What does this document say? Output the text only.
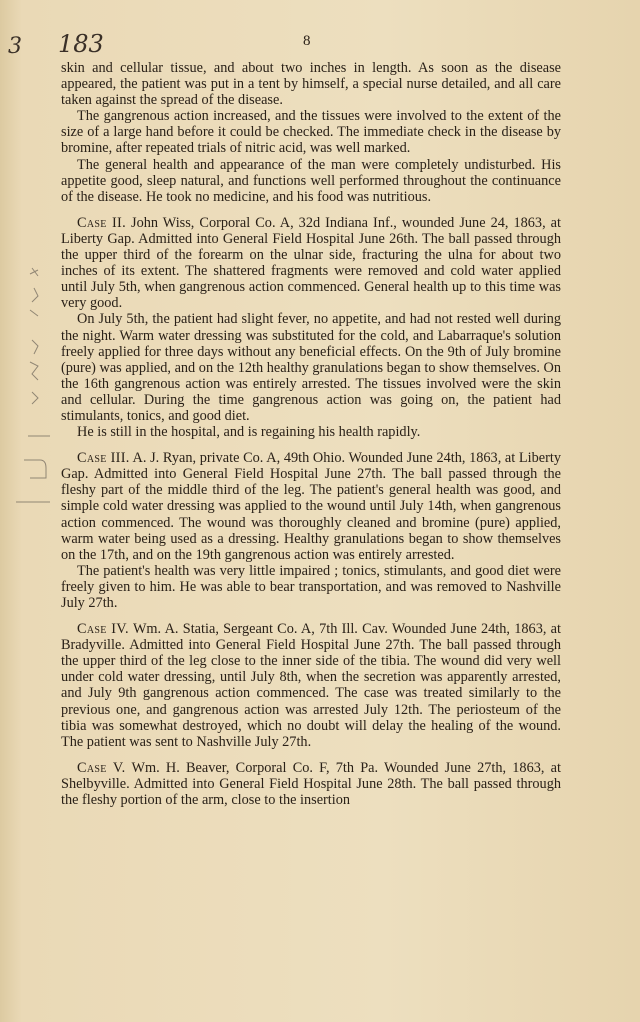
3 183	8

skin and cellular tissue, and about two inches in length. As soon as the disease appeared, the patient was put in a tent by himself, a special nurse detailed, and all care taken against the spread of the disease.

The gangrenous action increased, and the tissues were involved to the extent of the size of a large hand before it could be checked. The immediate check in the disease by bromine, after repeated trials of nitric acid, was well marked.

The general health and appearance of the man were completely undisturbed. His appetite good, sleep natural, and functions well performed throughout the continuance of the disease. He took no medicine, and his food was nutritious.

Case II. John Wiss, Corporal Co. A, 32d Indiana Inf., wounded June 24, 1863, at Liberty Gap. Admitted into General Field Hospital June 26th. The ball passed through the upper third of the forearm on the ulnar side, fracturing the ulna for about two inches of its extent. The shattered fragments were removed and cold water applied until July 5th, when gangrenous action commenced. General health up to this time was very good.

On July 5th, the patient had slight fever, no appetite, and had not rested well during the night. Warm water dressing was substituted for the cold, and Labarraque's solution freely applied for three days without any beneficial effects. On the 9th of July bromine (pure) was applied, and on the 12th healthy granulations began to show themselves. On the 16th gangrenous action was entirely arrested. The tissues involved were the skin and cellular. During the time gangrenous action was going on, the patient had stimulants, tonics, and good diet.

He is still in the hospital, and is regaining his health rapidly.

Case III. A. J. Ryan, private Co. A, 49th Ohio. Wounded June 24th, 1863, at Liberty Gap. Admitted into General Field Hospital June 27th. The ball passed through the fleshy part of the middle third of the leg. The patient's general health was good, and simple cold water dressing was applied to the wound until July 14th, when gangrenous action commenced. The wound was thoroughly cleaned and bromine (pure) applied, warm water being used as a dressing. Healthy granulations began to show themselves on the 17th, and on the 19th gangrenous action was entirely arrested.

The patient's health was very little impaired ; tonics, stimulants, and good diet were freely given to him. He was able to bear transportation, and was removed to Nashville July 27th.

Case IV. Wm. A. Statia, Sergeant Co. A, 7th Ill. Cav. Wounded June 24th, 1863, at Bradyville. Admitted into General Field Hospital June 27th. The ball passed through the upper third of the leg close to the inner side of the tibia. The wound did very well under cold water dressing, until July 8th, when the secretion was apparently arrested, and July 9th gangrenous action commenced. The case was treated similarly to the previous one, and gangrenous action was arrested July 12th. The periosteum of the tibia was somewhat destroyed, which no doubt will delay the healing of the wound. The patient was sent to Nashville July 27th.

Case V. Wm. H. Beaver, Corporal Co. F, 7th Pa. Wounded June 27th, 1863, at Shelbyville. Admitted into General Field Hospital June 28th. The ball passed through the fleshy portion of the arm, close to the insertion
